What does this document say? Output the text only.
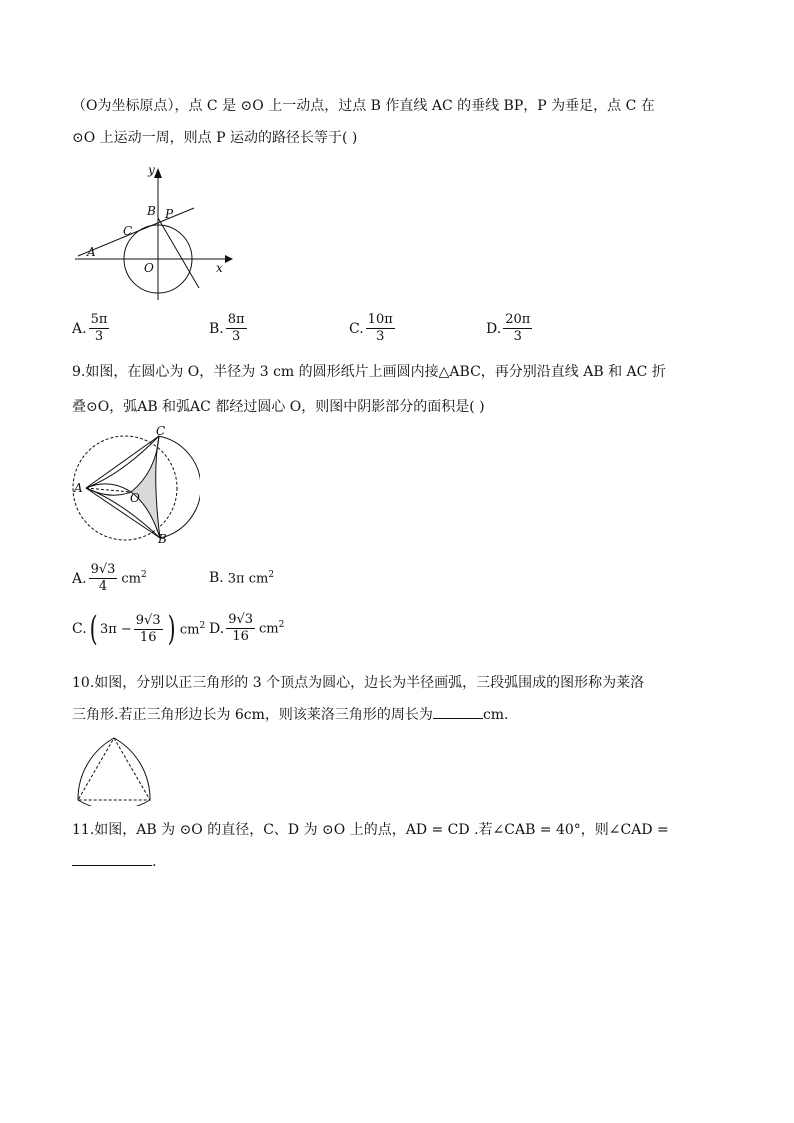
（O为坐标原点），点 C 是 ⊙O 上一动点，过点 B 作直线 AC 的垂线 BP，P 为垂足，点 C 在
⊙O 上运动一周，则点 P 运动的路径长等于( )
y
x
B P
C
A
O
A. $\frac{5\pi}{3}$	B. $\frac{8\pi}{3}$	C. $\frac{10\pi}{3}$	D. $\frac{20\pi}{3}$
9.如图，在圆心为 O，半径为 3 cm 的圆形纸片上画圆内接△ABC，再分别沿直线 AB 和 AC 折
叠⊙O，弧AB 和弧AC 都经过圆心 O，则图中阴影部分的面积是( )
C
A
O
B
A. $\frac{9√3}{4} cm^2$	B. 3π $cm^2$
C. ( $3\pi - \frac{9√3}{16}$ ) $cm^2$ D. $\frac{9√3}{16} cm^2$
10.如图，分别以正三角形的 3 个顶点为圆心，边长为半径画弧，三段弧围成的图形称为莱洛
三角形.若正三角形边长为 6cm，则该莱洛三角形的周长为	cm.
11.如图，AB 为 ⊙O 的直径，C、D 为 ⊙O 上的点，AD = CD .若∠CAB = 40°，则∠CAD =
.
